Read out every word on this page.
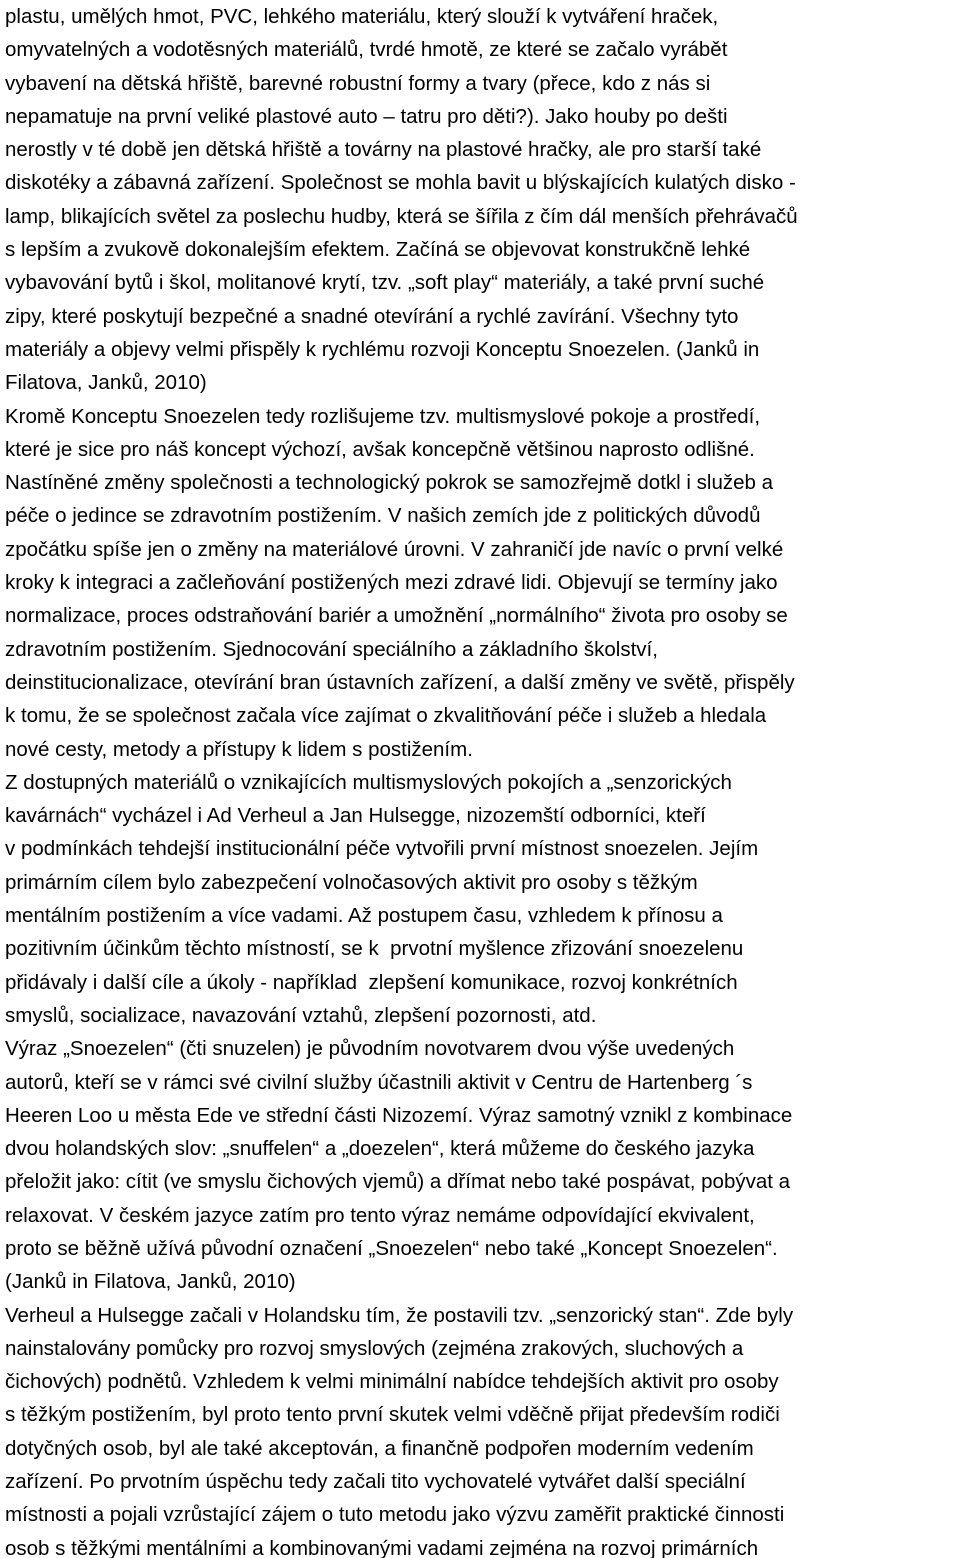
plastu, umělých hmot, PVC, lehkého materiálu, který slouží k vytváření hraček,
omyvatelných a vodotěsných materiálů, tvrdé hmotě, ze které se začalo vyrábět
vybavení na dětská hřiště, barevné robustní formy a tvary (přece, kdo z nás si
nepamatuje na první veliké plastové auto – tatru pro děti?). Jako houby po dešti
nerostly v té době jen dětská hřiště a továrny na plastové hračky, ale pro starší také
diskotéky a zábavná zařízení. Společnost se mohla bavit u blýskajících kulatých disko -
lamp, blikajících světel za poslechu hudby, která se šířila z čím dál menších přehrávačů
s lepším a zvukově dokonalejším efektem. Začíná se objevovat konstrukčně lehké
vybavování bytů i škol, molitanové krytí, tzv. „soft play“ materiály, a také první suché
zipy, které poskytují bezpečné a snadné otevírání a rychlé zavírání. Všechny tyto
materiály a objevy velmi přispěly k rychlému rozvoji Konceptu Snoezelen. (Janků in
Filatova, Janků, 2010)
Kromě Konceptu Snoezelen tedy rozlišujeme tzv. multismyslové pokoje a prostředí,
které je sice pro náš koncept výchozí, avšak koncepčně většinou naprosto odlišné.
Nastíněné změny společnosti a technologický pokrok se samozřejmě dotkl i služeb a
péče o jedince se zdravotním postižením. V našich zemích jde z politických důvodů
zpočátku spíše jen o změny na materiálové úrovni. V zahraničí jde navíc o první velké
kroky k integraci a začleňování postižených mezi zdravé lidi. Objevují se termíny jako
normalizace, proces odstraňování bariér a umožnění „normálního“ života pro osoby se
zdravotním postižením. Sjednocování speciálního a základního školství,
deinstitucionalizace, otevírání bran ústavních zařízení, a další změny ve světě, přispěly
k tomu, že se společnost začala více zajímat o zkvalitňování péče i služeb a hledala
nové cesty, metody a přístupy k lidem s postižením.
Z dostupných materiálů o vznikajících multismyslových pokojích a „senzorických
kavárnách“ vycházel i Ad Verheul a Jan Hulsegge, nizozemští odborníci, kteří
v podmínkách tehdejší institucionální péče vytvořili první místnost snoezelen. Jejím
primárním cílem bylo zabezpečení volnočasových aktivit pro osoby s těžkým
mentálním postižením a více vadami. Až postupem času, vzhledem k přínosu a
pozitivním účinkům těchto místností, se k  prvotní myšlence zřizování snoezelenu
přidávaly i další cíle a úkoly - například  zlepšení komunikace, rozvoj konkrétních
smyslů, socializace, navazování vztahů, zlepšení pozornosti, atd.
Výraz „Snoezelen“ (čti snuzelen) je původním novotvarem dvou výše uvedených
autorů, kteří se v rámci své civilní služby účastnili aktivit v Centru de Hartenberg ´s
Heeren Loo u města Ede ve střední části Nizozemí. Výraz samotný vznikl z kombinace
dvou holandských slov: „snuffelen“ a „doezelen“, která můžeme do českého jazyka
přeložit jako: cítit (ve smyslu čichových vjemů) a dřímat nebo také pospávat, pobývat a
relaxovat. V českém jazyce zatím pro tento výraz nemáme odpovídající ekvivalent,
proto se běžně užívá původní označení „Snoezelen“ nebo také „Koncept Snoezelen“.
(Janků in Filatova, Janků, 2010)
Verheul a Hulsegge začali v Holandsku tím, že postavili tzv. „senzorický stan“. Zde byly
nainstalovány pomůcky pro rozvoj smyslových (zejména zrakových, sluchových a
čichových) podnětů. Vzhledem k velmi minimální nabídce tehdejších aktivit pro osoby
s těžkým postižením, byl proto tento první skutek velmi vděčně přijat především rodiči
dotyčných osob, byl ale také akceptován, a finančně podpořen moderním vedením
zařízení. Po prvotním úspěchu tedy začali tito vychovatelé vytvářet další speciální
místnosti a pojali vzrůstající zájem o tuto metodu jako výzvu zaměřit praktické činnosti
osob s těžkými mentálními a kombinovanými vadami zejména na rozvoj primárních
